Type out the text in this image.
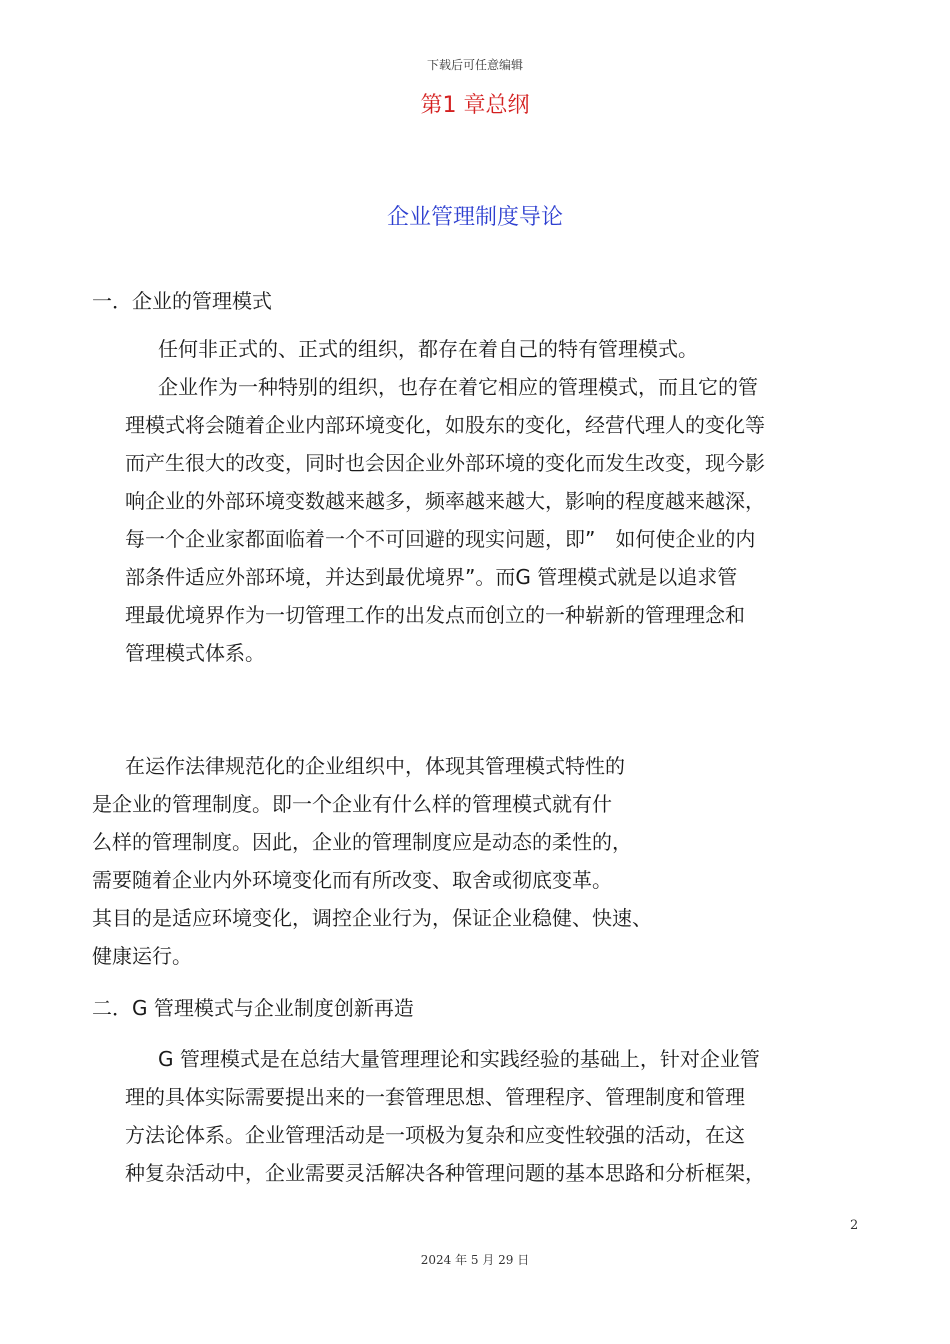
下载后可任意编辑
第1 章总纲
企业管理制度导论
一．企业的管理模式
任何非正式的、正式的组织，都存在着自己的特有管理模式。
企业作为一种特别的组织，也存在着它相应的管理模式，而且它的管
理模式将会随着企业内部环境变化，如股东的变化，经营代理人的变化等
而产生很大的改变，同时也会因企业外部环境的变化而发生改变，现今影
响企业的外部环境变数越来越多，频率越来越大，影响的程度越来越深，
每一个企业家都面临着一个不可回避的现实问题，即”　如何使企业的内
部条件适应外部环境，并达到最优境界”。而G 管理模式就是以追求管
理最优境界作为一切管理工作的出发点而创立的一种崭新的管理理念和
管理模式体系。
在运作法律规范化的企业组织中，体现其管理模式特性的
是企业的管理制度。即一个企业有什么样的管理模式就有什
么样的管理制度。因此，企业的管理制度应是动态的柔性的，
需要随着企业内外环境变化而有所改变、取舍或彻底变革。
其目的是适应环境变化，调控企业行为，保证企业稳健、快速、
健康运行。
二．G 管理模式与企业制度创新再造
G 管理模式是在总结大量管理理论和实践经验的基础上，针对企业管
理的具体实际需要提出来的一套管理思想、管理程序、管理制度和管理
方法论体系。企业管理活动是一项极为复杂和应变性较强的活动，在这
种复杂活动中，企业需要灵活解决各种管理问题的基本思路和分析框架，
2
2024 年 5 月 29 日
